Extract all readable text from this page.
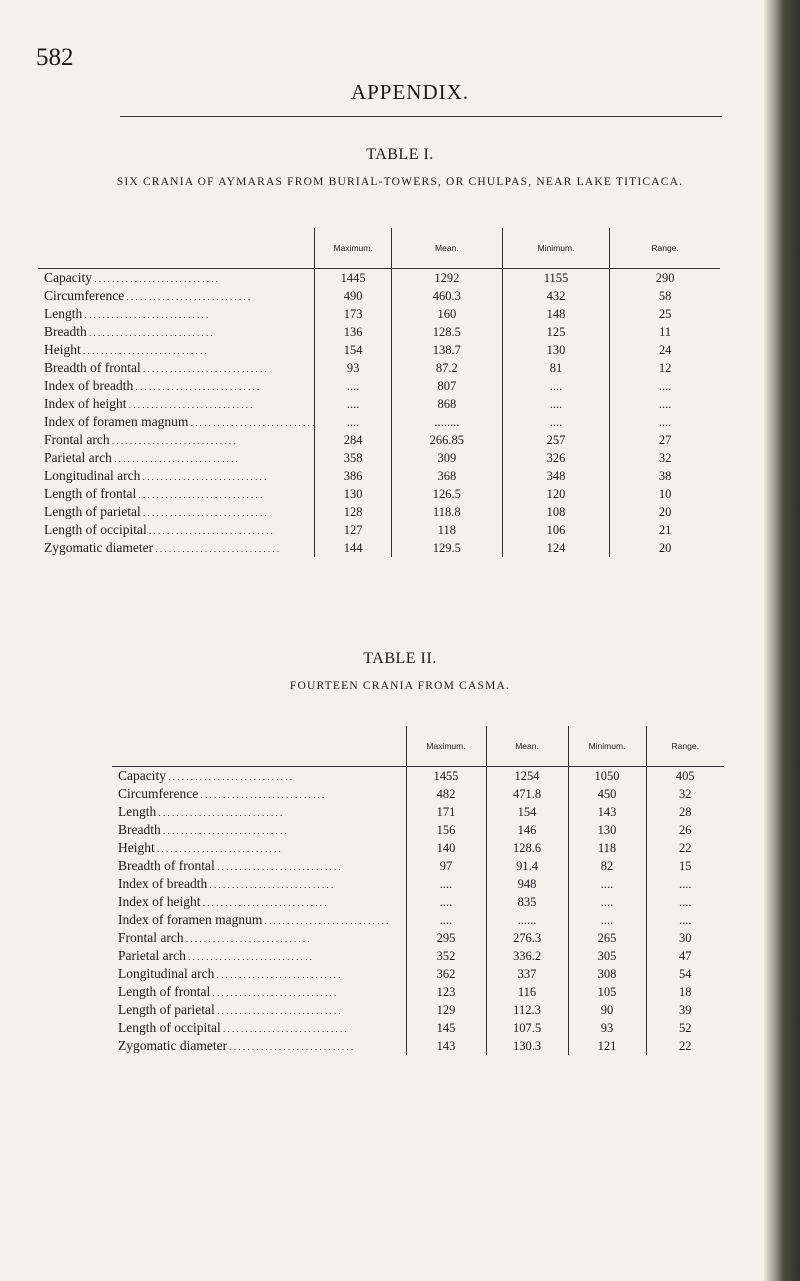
582
APPENDIX.
TABLE I.
SIX CRANIA OF AYMARAS FROM BURIAL-TOWERS, OR CHULPAS, NEAR LAKE TITICACA.
	Maximum.	Mean.	Minimum.	Range.

Capacity . . .	1445	1292	1155	290

Circumference . . .	490	460.3	432	58

Length . . .	173	160	148	25

Breadth . . .	136	128.5	125	11

Height . . .	154	138.7	130	24

Breadth of frontal . . .	93	87.2	81	12

Index of breadth . . .	....	807	....	....

Index of height . . .	....	868	....	....

Index of foramen magnum . . .	....	........	....	....

Frontal arch . . .	284	266.85	257	27

Parietal arch . . .	358	309	326	32

Longitudinal arch . . .	386	368	348	38

Length of frontal . . .	130	126.5	120	10

Length of parietal . . .	128	118.8	108	20

Length of occipital . . .	127	118	106	21

Zygomatic diameter . . .	144	129.5	124	20
TABLE II.
FOURTEEN CRANIA FROM CASMA.
	Maximum.	Mean.	Minimum.	Range.

Capacity . . .	1455	1254	1050	405

Circumference . . .	482	471.8	450	32

Length . . .	171	154	143	28

Breadth . . .	156	146	130	26

Height . . .	140	128.6	118	22

Breadth of frontal . . .	97	91.4	82	15

Index of breadth . . .	....	948	....	....

Index of height . . .	....	835	....	....

Index of foramen magnum . . .	....	......	....	....

Frontal arch . . .	295	276.3	265	30

Parietal arch . . .	352	336.2	305	47

Longitudinal arch . . .	362	337	308	54

Length of frontal . . .	123	116	105	18

Length of parietal . . .	129	112.3	90	39

Length of occipital . . .	145	107.5	93	52

Zygomatic diameter . . .	143	130.3	121	22
